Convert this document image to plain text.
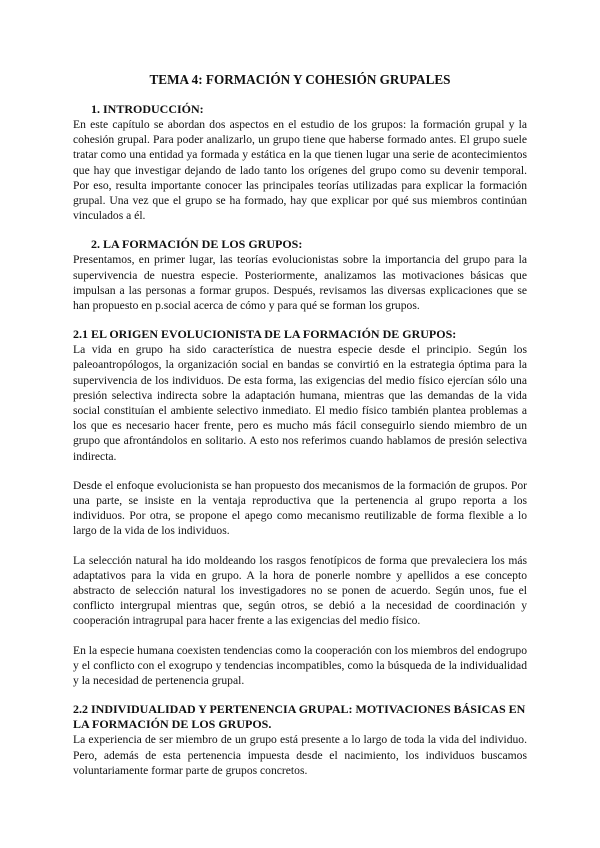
TEMA 4: FORMACIÓN Y COHESIÓN GRUPALES
1. INTRODUCCIÓN:

En este capítulo se abordan dos aspectos en el estudio de los grupos: la formación grupal y la cohesión grupal. Para poder analizarlo, un grupo tiene que haberse formado antes. El grupo suele tratar como una entidad ya formada y estática en la que tienen lugar una serie de acontecimientos que hay que investigar dejando de lado tanto los orígenes del grupo como su devenir temporal. Por eso, resulta importante conocer las principales teorías utilizadas para explicar la formación grupal. Una vez que el grupo se ha formado, hay que explicar por qué sus miembros continúan vinculados a él.

2. LA FORMACIÓN DE LOS GRUPOS:

Presentamos, en primer lugar, las teorías evolucionistas sobre la importancia del grupo para la supervivencia de nuestra especie. Posteriormente, analizamos las motivaciones básicas que impulsan a las personas a formar grupos. Después, revisamos las diversas explicaciones que se han propuesto en p.social acerca de cómo y para qué se forman los grupos.

2.1 EL ORIGEN EVOLUCIONISTA DE LA FORMACIÓN DE GRUPOS:

La vida en grupo ha sido característica de nuestra especie desde el principio. Según los paleoantropólogos, la organización social en bandas se convirtió en la estrategia óptima para la supervivencia de los individuos. De esta forma, las exigencias del medio físico ejercían sólo una presión selectiva indirecta sobre la adaptación humana, mientras que las demandas de la vida social constituían el ambiente selectivo inmediato. El medio físico también plantea problemas a los que es necesario hacer frente, pero es mucho más fácil conseguirlo siendo miembro de un grupo que afrontándolos en solitario. A esto nos referimos cuando hablamos de presión selectiva indirecta.

Desde el enfoque evolucionista se han propuesto dos mecanismos de la formación de grupos. Por una parte, se insiste en la ventaja reproductiva que la pertenencia al grupo reporta a los individuos. Por otra, se propone el apego como mecanismo reutilizable de forma flexible a lo largo de la vida de los individuos.

La selección natural ha ido moldeando los rasgos fenotípicos de forma que prevaleciera los más adaptativos para la vida en grupo. A la hora de ponerle nombre y apellidos a ese concepto abstracto de selección natural los investigadores no se ponen de acuerdo. Según unos, fue el conflicto intergrupal mientras que, según otros, se debió a la necesidad de coordinación y cooperación intragrupal para hacer frente a las exigencias del medio físico.

En la especie humana coexisten tendencias como la cooperación con los miembros del endogrupo y el conflicto con el exogrupo y tendencias incompatibles, como la búsqueda de la individualidad y la necesidad de pertenencia grupal.

2.2 INDIVIDUALIDAD Y PERTENENCIA GRUPAL: MOTIVACIONES BÁSICAS EN LA FORMACIÓN DE LOS GRUPOS.

La experiencia de ser miembro de un grupo está presente a lo largo de toda la vida del individuo. Pero, además de esta pertenencia impuesta desde el nacimiento, los individuos buscamos voluntariamente formar parte de grupos concretos.
